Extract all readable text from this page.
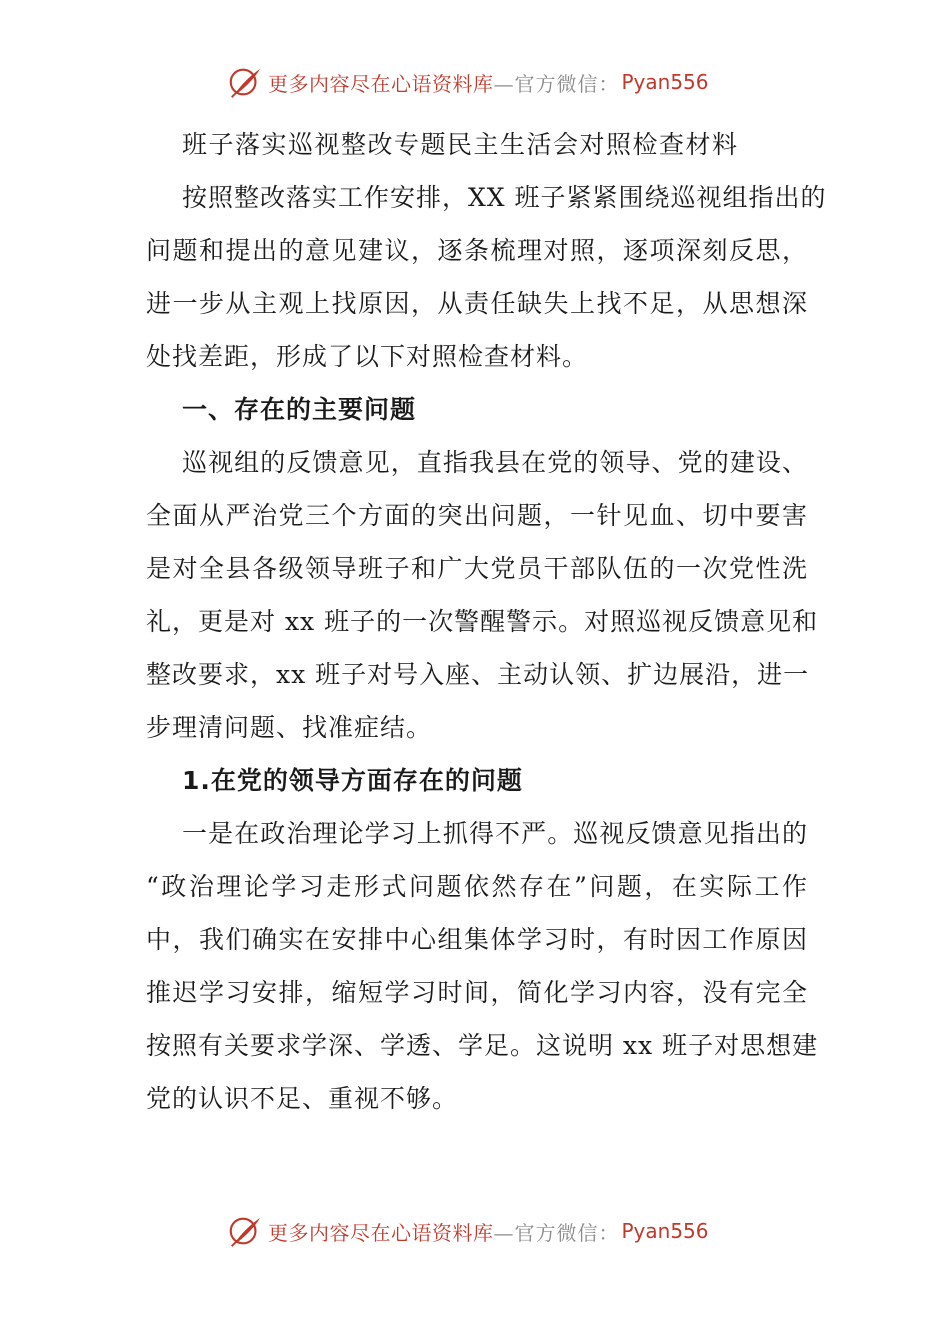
更多内容尽在心语资料库 —官方微信： Pyan556
班子落实巡视整改专题民主生活会对照检查材料
按照整改落实工作安排，XX 班子紧紧围绕巡视组指出的
问题和提出的意见建议，逐条梳理对照，逐项深刻反思，
进一步从主观上找原因，从责任缺失上找不足，从思想深
处找差距，形成了以下对照检查材料。
一、存在的主要问题
巡视组的反馈意见，直指我县在党的领导、党的建设、
全面从严治党三个方面的突出问题，一针见血、切中要害
是对全县各级领导班子和广大党员干部队伍的一次党性洗
礼，更是对 xx 班子的一次警醒警示。对照巡视反馈意见和
整改要求，xx 班子对号入座、主动认领、扩边展沿，进一
步理清问题、找准症结。
1.在党的领导方面存在的问题
一是在政治理论学习上抓得不严。巡视反馈意见指出的
“政治理论学习走形式问题依然存在”问题，在实际工作
中，我们确实在安排中心组集体学习时，有时因工作原因
推迟学习安排，缩短学习时间，简化学习内容，没有完全
按照有关要求学深、学透、学足。这说明 xx 班子对思想建
党的认识不足、重视不够。
更多内容尽在心语资料库 —官方微信： Pyan556
